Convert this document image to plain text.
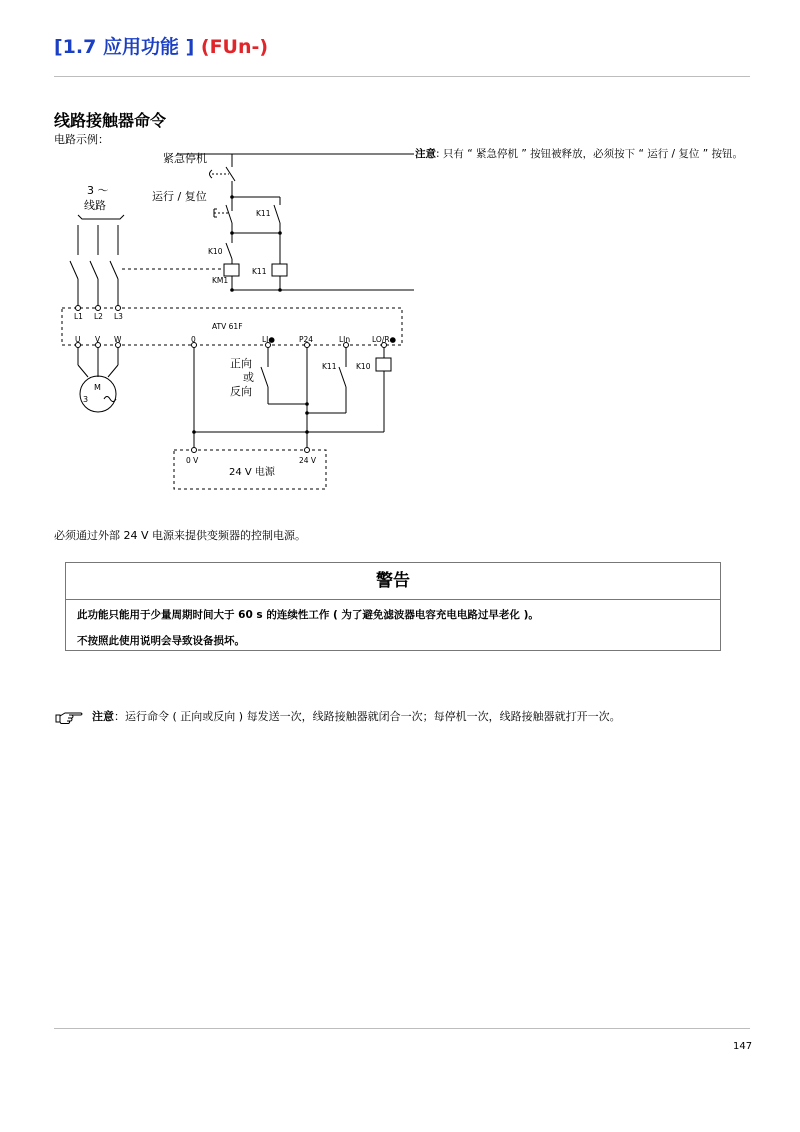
[1.7 应用功能 ] (FUn-)
线路接触器命令
电路示例：
注意: 只有 “ 紧急停机 ” 按钮被释放，必须按下 “ 运行 / 复位 ” 按钮。
紧急停机
运行 / 复位
3 ～
线路
K11
K10
KM1
K11
L1 L2 L3
ATV 61F
U V W	0	LI●	P24	LIn	LO/R●
正向
或
反向
K11	K10
M
3
0 V	24 V
24 V 电源
必须通过外部 24 V 电源来提供变频器的控制电源。
警告
此功能只能用于少量周期时间大于 60 s 的连续性工作 ( 为了避免滤波器电容充电电路过早老化 )。
不按照此使用说明会导致设备损坏。
注意 ：运行命令 ( 正向或反向 ) 每发送一次，线路接触器就闭合一次；每停机一次，线路接触器就打开一次。
147
